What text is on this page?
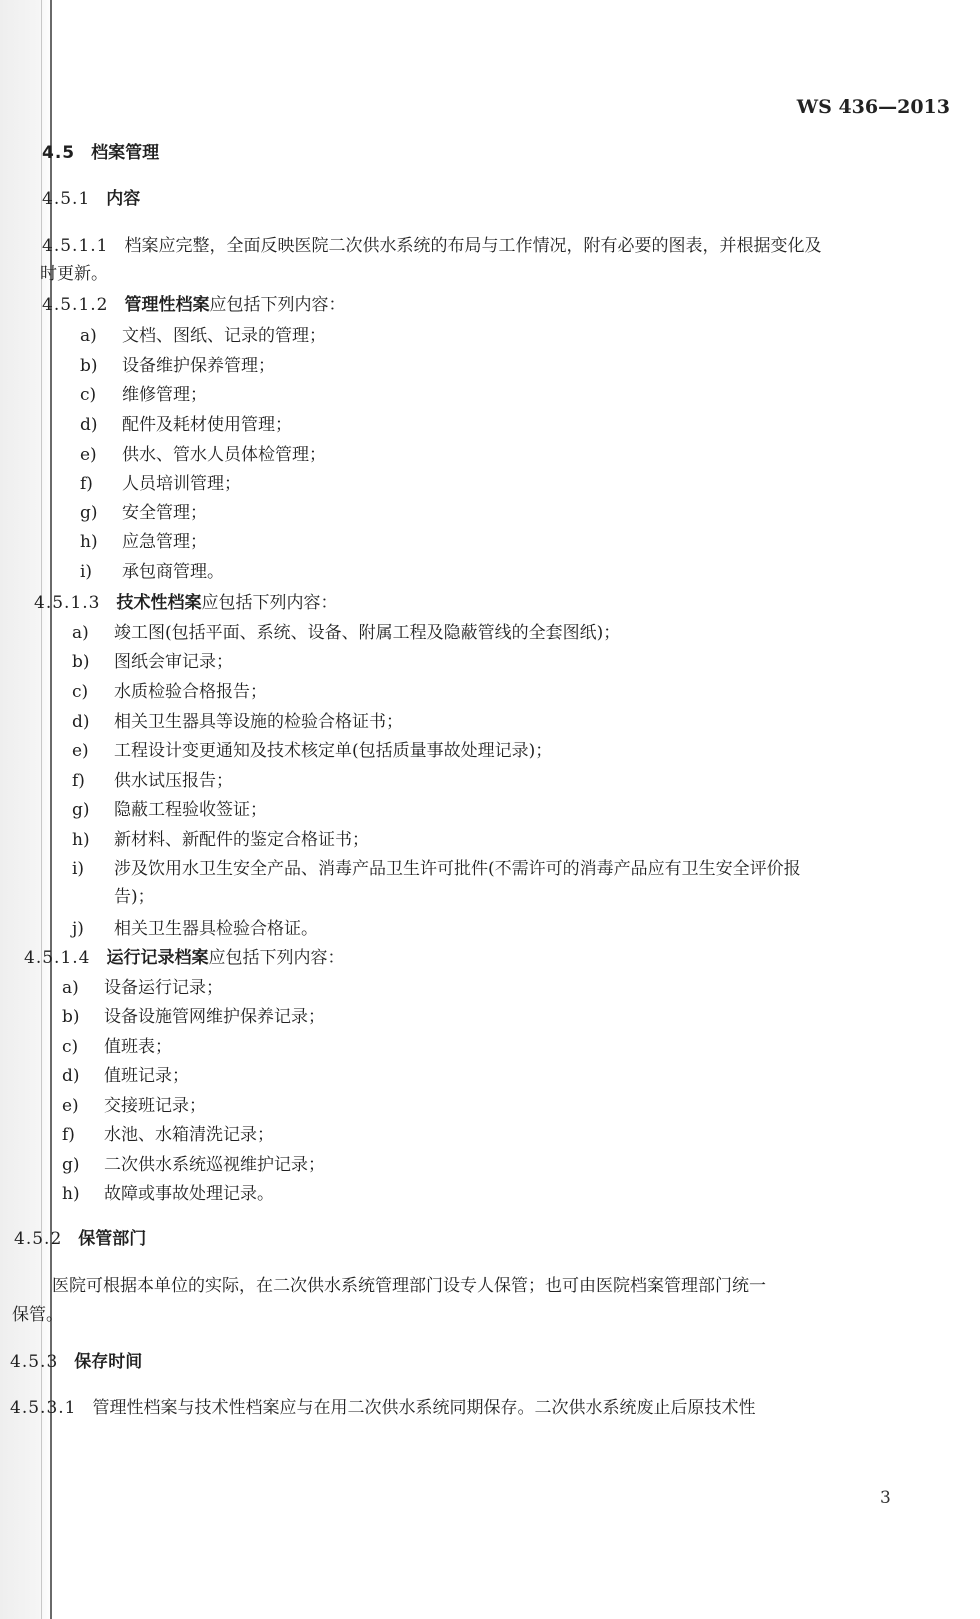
WS 436—2013
4.5 档案管理
4.5.1 内容
4.5.1.1 档案应完整，全面反映医院二次供水系统的布局与工作情况，附有必要的图表，并根据变化及
时更新。
4.5.1.2 管理性档案应包括下列内容：
a) 文档、图纸、记录的管理；
b) 设备维护保养管理；
c) 维修管理；
d) 配件及耗材使用管理；
e) 供水、管水人员体检管理；
f) 人员培训管理；
g) 安全管理；
h) 应急管理；
i) 承包商管理。
4.5.1.3 技术性档案应包括下列内容：
a) 竣工图(包括平面、系统、设备、附属工程及隐蔽管线的全套图纸)；
b) 图纸会审记录；
c) 水质检验合格报告；
d) 相关卫生器具等设施的检验合格证书；
e) 工程设计变更通知及技术核定单(包括质量事故处理记录)；
f) 供水试压报告；
g) 隐蔽工程验收签证；
h) 新材料、新配件的鉴定合格证书；
i) 涉及饮用水卫生安全产品、消毒产品卫生许可批件(不需许可的消毒产品应有卫生安全评价报
告)；
j) 相关卫生器具检验合格证。
4.5.1.4 运行记录档案应包括下列内容：
a) 设备运行记录；
b) 设备设施管网维护保养记录；
c) 值班表；
d) 值班记录；
e) 交接班记录；
f) 水池、水箱清洗记录；
g) 二次供水系统巡视维护记录；
h) 故障或事故处理记录。
4.5.2 保管部门
医院可根据本单位的实际，在二次供水系统管理部门设专人保管；也可由医院档案管理部门统一
保管。
4.5.3 保存时间
4.5.3.1 管理性档案与技术性档案应与在用二次供水系统同期保存。二次供水系统废止后原技术性
3
